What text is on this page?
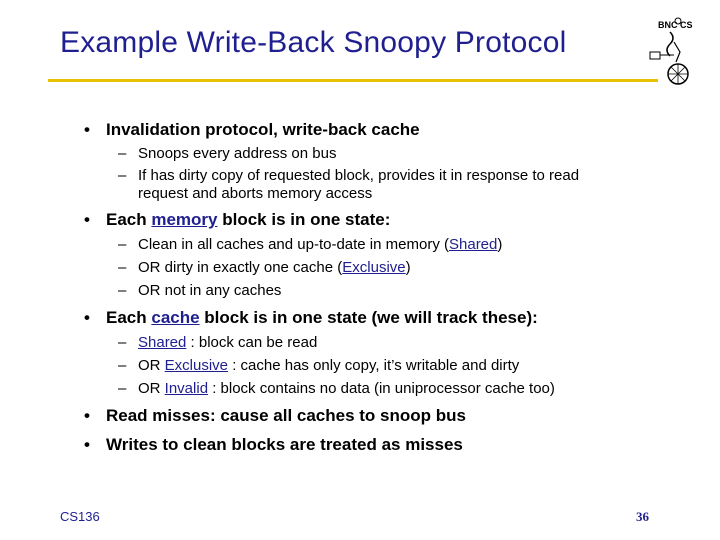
Example Write-Back Snoopy Protocol
BNC CS
• Invalidation protocol, write-back cache
– Snoops every address on bus
– If has dirty copy of requested block, provides it in response to read
request and aborts memory access
• Each memory block is in one state:
– Clean in all caches and up-to-date in memory (Shared)
– OR dirty in exactly one cache (Exclusive)
– OR not in any caches
• Each cache block is in one state (we will track these):
– Shared : block can be read
– OR Exclusive : cache has only copy, it’s writable and dirty
– OR Invalid : block contains no data (in uniprocessor cache too)
• Read misses: cause all caches to snoop bus
• Writes to clean blocks are treated as misses
CS136	36
